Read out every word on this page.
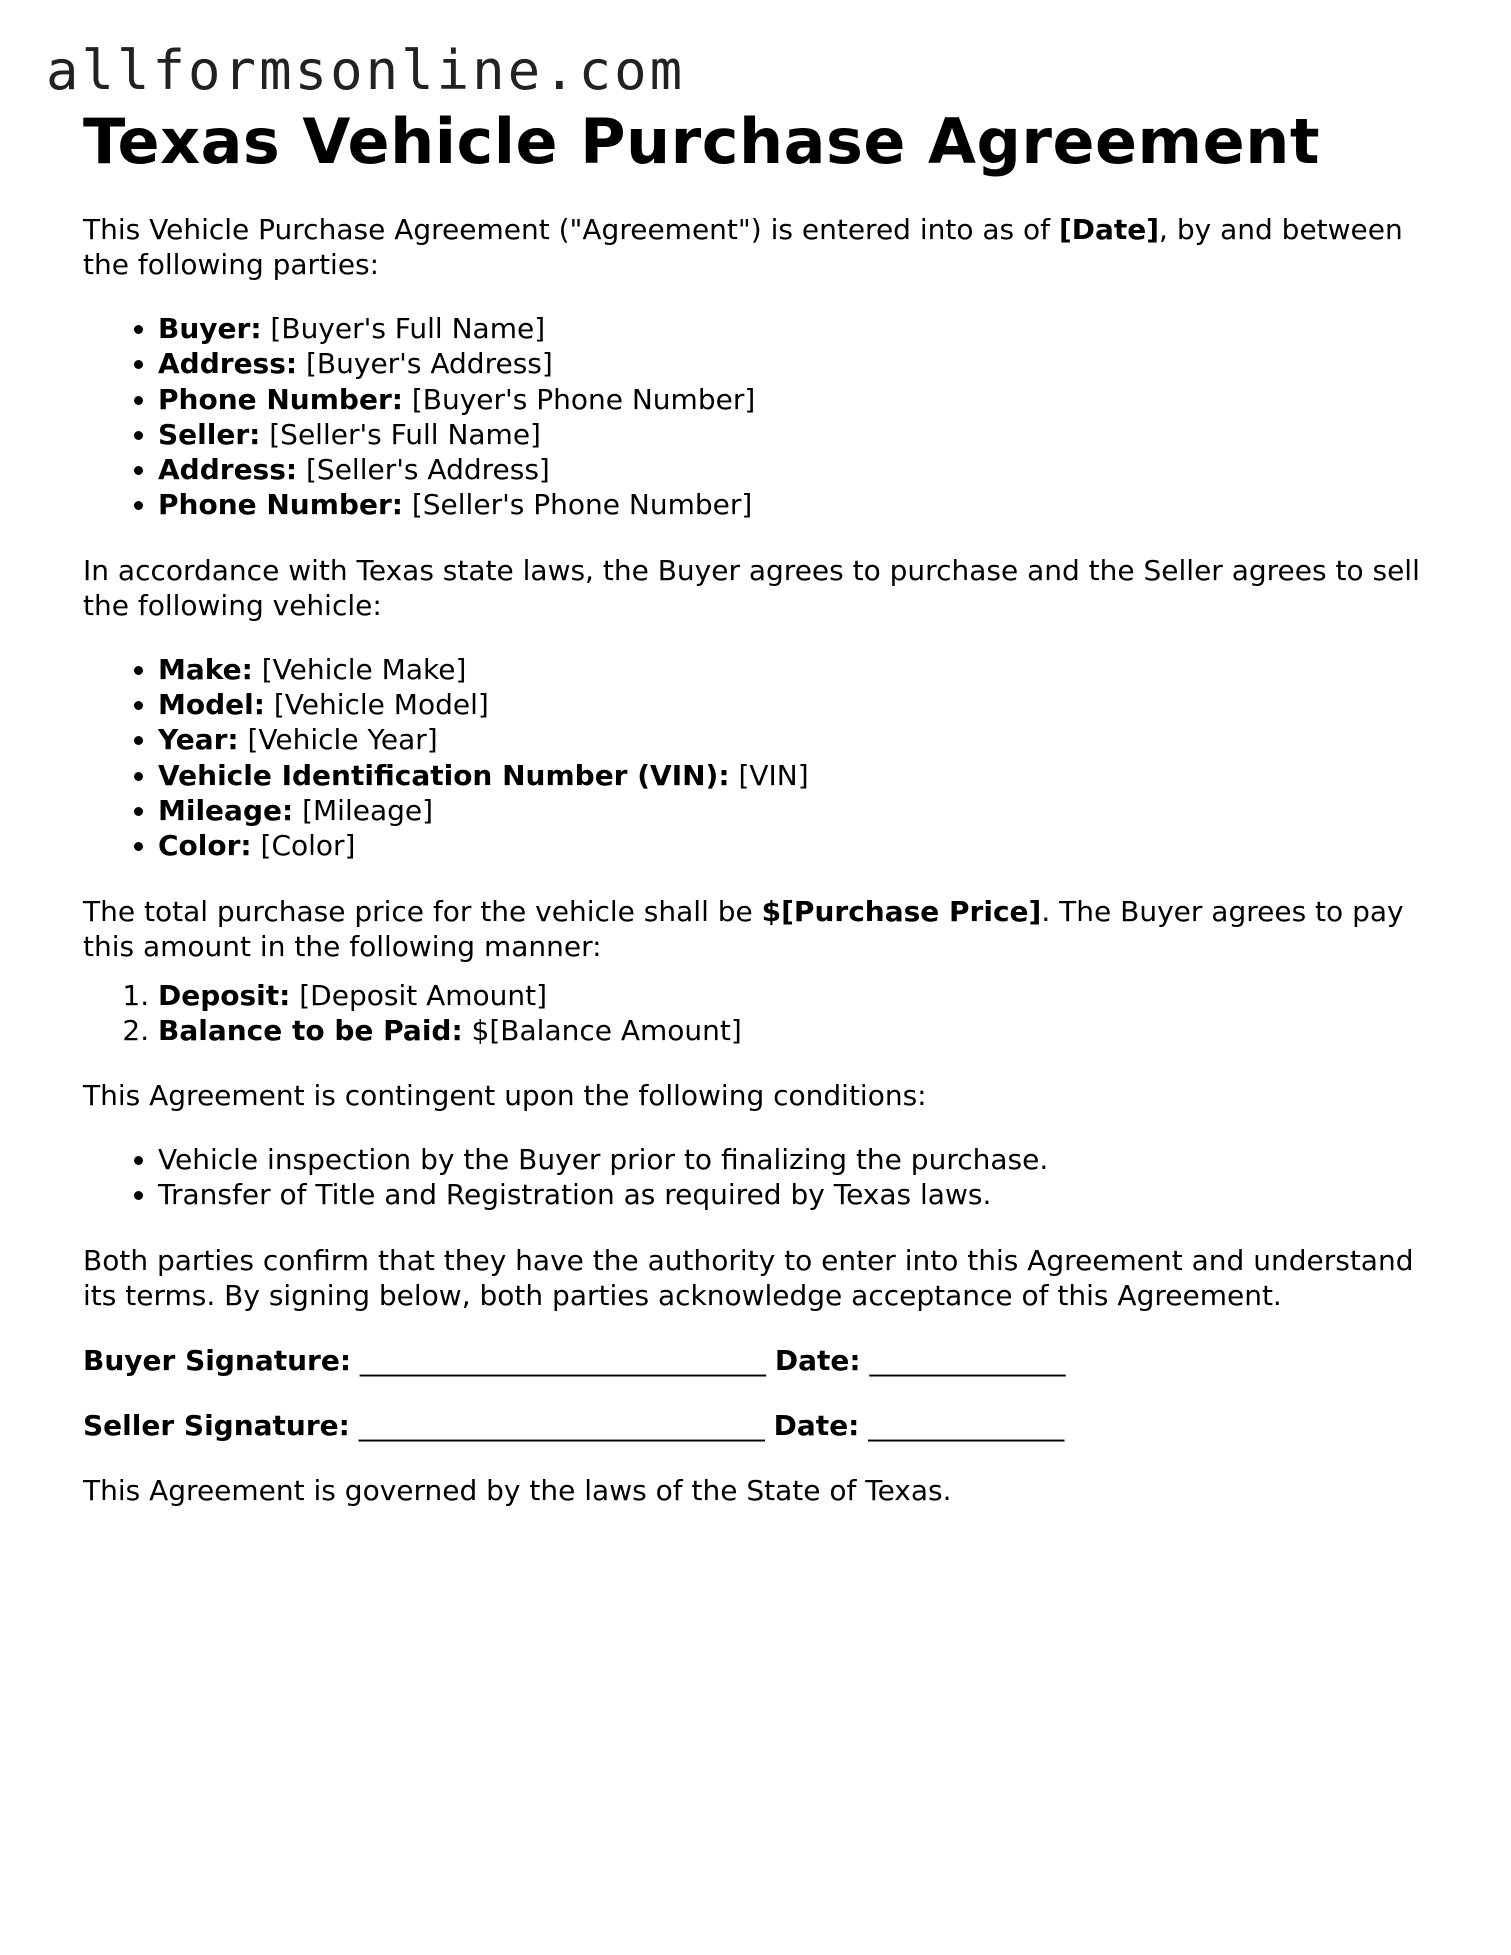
allformsonline.com
Texas Vehicle Purchase Agreement

This Vehicle Purchase Agreement ("Agreement") is entered into as of [Date], by and between the following parties:

• Buyer: [Buyer's Full Name]
• Address: [Buyer's Address]
• Phone Number: [Buyer's Phone Number]
• Seller: [Seller's Full Name]
• Address: [Seller's Address]
• Phone Number: [Seller's Phone Number]

In accordance with Texas state laws, the Buyer agrees to purchase and the Seller agrees to sell the following vehicle:

• Make: [Vehicle Make]
• Model: [Vehicle Model]
• Year: [Vehicle Year]
• Vehicle Identification Number (VIN): [VIN]
• Mileage: [Mileage]
• Color: [Color]

The total purchase price for the vehicle shall be $[Purchase Price]. The Buyer agrees to pay this amount in the following manner:

1. Deposit: [Deposit Amount]
2. Balance to be Paid: $[Balance Amount]

This Agreement is contingent upon the following conditions:

• Vehicle inspection by the Buyer prior to finalizing the purchase.
• Transfer of Title and Registration as required by Texas laws.

Both parties confirm that they have the authority to enter into this Agreement and understand its terms. By signing below, both parties acknowledge acceptance of this Agreement.

Buyer Signature: _____________________________ Date: ______________

Seller Signature: _____________________________ Date: ______________

This Agreement is governed by the laws of the State of Texas.
